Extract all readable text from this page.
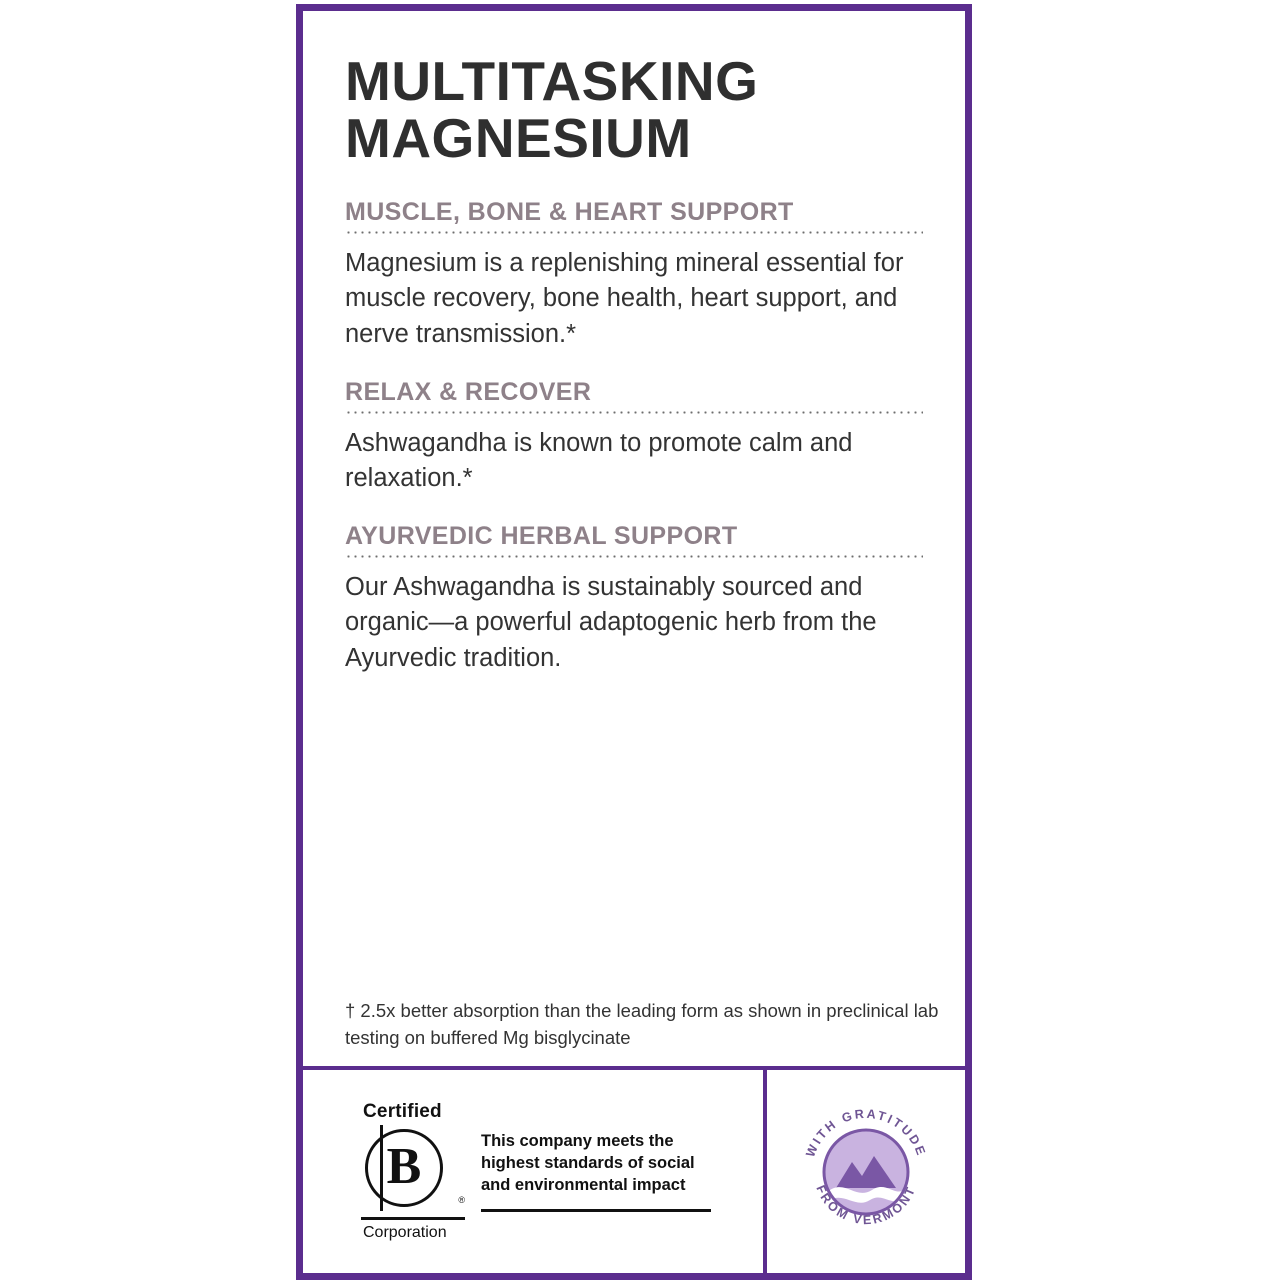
MULTITASKING
MAGNESIUM
MUSCLE, BONE & HEART SUPPORT

Magnesium is a replenishing mineral essential for muscle recovery, bone health, heart support, and nerve transmission.*

RELAX & RECOVER

Ashwagandha is known to promote calm and relaxation.*

AYURVEDIC HERBAL SUPPORT

Our Ashwagandha is sustainably sourced and organic—a powerful adaptogenic herb from the Ayurvedic tradition.

† 2.5x better absorption than the leading form as shown in preclinical lab testing on buffered Mg bisglycinate
Certified
B
®
Corporation
This company meets the highest standards of social and environmental impact
WITH GRATITUDE
FROM VERMONT
